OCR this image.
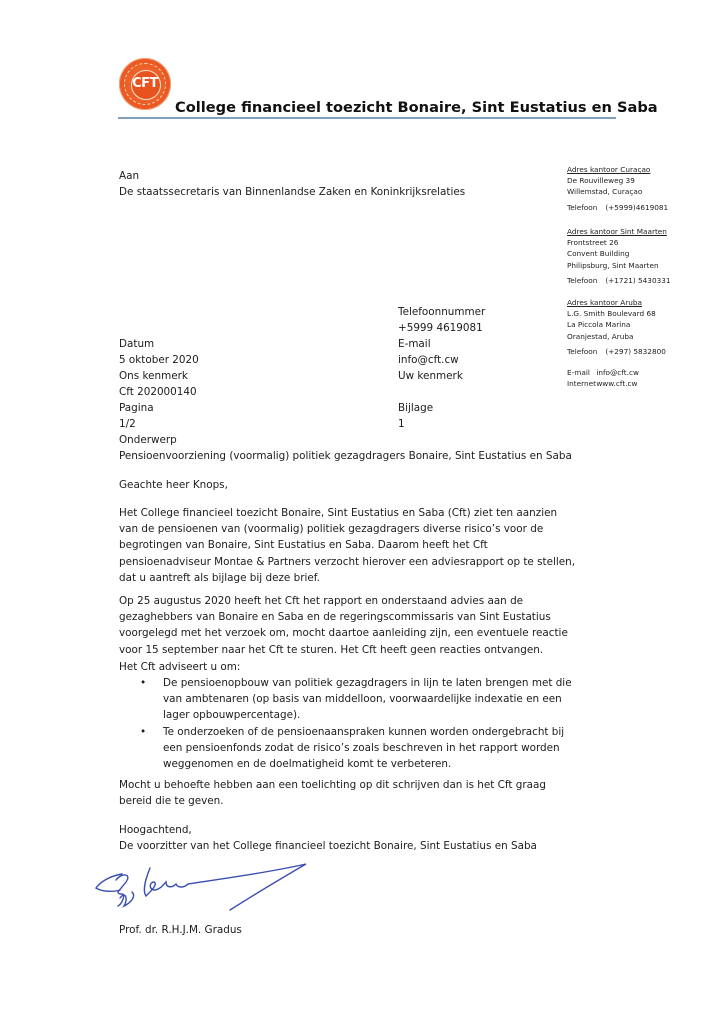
CFT
College financieel toezicht Bonaire, Sint Eustatius en Saba
Adres kantoor Curaçao
De Rouvilleweg 39
Willemstad, Curaçao
Telefoon (+5999)4619081
Adres kantoor Sint Maarten
Frontstreet 26
Convent Building
Philipsburg, Sint Maarten
Telefoon (+1721) 5430331
Adres kantoor Aruba
L.G. Smith Boulevard 68
La Piccola Marina
Oranjestad, Aruba
Telefoon (+297) 5832800
E-mail info@cft.cw
Internet www.cft.cw
Aan
De staatssecretaris van Binnenlandse Zaken en Koninkrijksrelaties
Telefoonnummer
+5999 4619081
Datum	E-mail
5 oktober 2020	info@cft.cw
Ons kenmerk	Uw kenmerk
Cft 202000140
Pagina	Bijlage
1/2	1
Onderwerp
Pensioenvoorziening (voormalig) politiek gezagdragers Bonaire, Sint Eustatius en Saba
Geachte heer Knops,
Het College financieel toezicht Bonaire, Sint Eustatius en Saba (Cft) ziet ten aanzien
van de pensioenen van (voormalig) politiek gezagdragers diverse risico’s voor de
begrotingen van Bonaire, Sint Eustatius en Saba. Daarom heeft het Cft
pensioenadviseur Montae & Partners verzocht hierover een adviesrapport op te stellen,
dat u aantreft als bijlage bij deze brief.
Op 25 augustus 2020 heeft het Cft het rapport en onderstaand advies aan de
gezaghebbers van Bonaire en Saba en de regeringscommissaris van Sint Eustatius
voorgelegd met het verzoek om, mocht daartoe aanleiding zijn, een eventuele reactie
voor 15 september naar het Cft te sturen. Het Cft heeft geen reacties ontvangen.
Het Cft adviseert u om:
• De pensioenopbouw van politiek gezagdragers in lijn te laten brengen met die
van ambtenaren (op basis van middelloon, voorwaardelijke indexatie en een
lager opbouwpercentage).
• Te onderzoeken of de pensioenaanspraken kunnen worden ondergebracht bij
een pensioenfonds zodat de risico’s zoals beschreven in het rapport worden
weggenomen en de doelmatigheid komt te verbeteren.
Mocht u behoefte hebben aan een toelichting op dit schrijven dan is het Cft graag
bereid die te geven.
Hoogachtend,
De voorzitter van het College financieel toezicht Bonaire, Sint Eustatius en Saba
Prof. dr. R.H.J.M. Gradus
